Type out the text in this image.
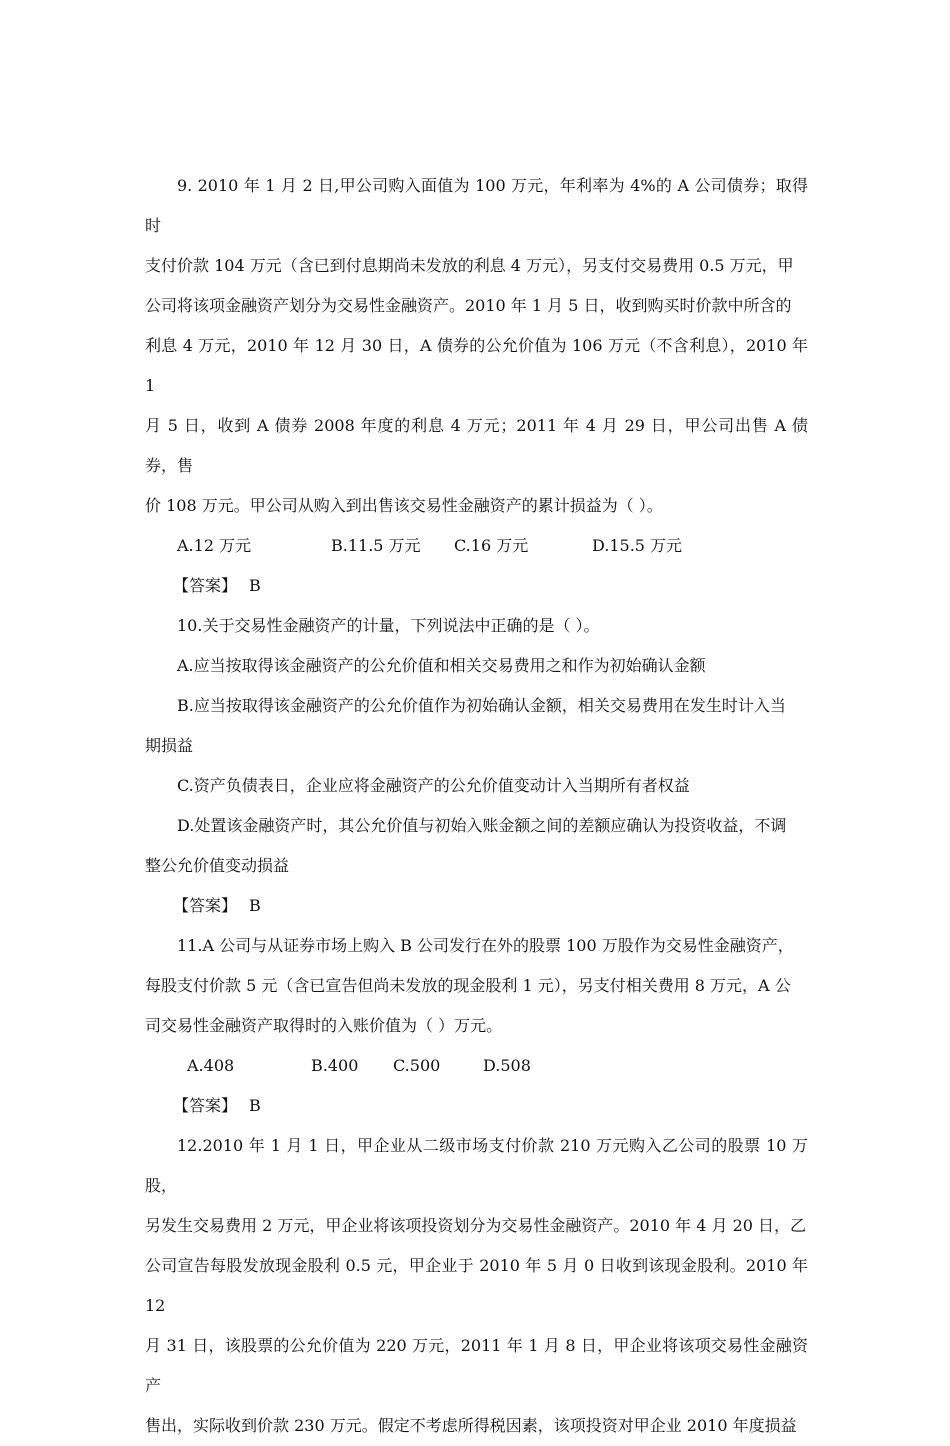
9. 2010 年 1 月 2 日,甲公司购入面值为 100 万元，年利率为 4%的 A 公司债券；取得时

支付价款 104 万元（含已到付息期尚未发放的利息 4 万元），另支付交易费用 0.5 万元，甲

公司将该项金融资产划分为交易性金融资产。2010 年 1 月 5 日，收到购买时价款中所含的

利息 4 万元，2010 年 12 月 30 日，A 债券的公允价值为 106 万元（不含利息），2010 年 1

月 5 日，收到 A 债券 2008 年度的利息 4 万元；2011 年 4 月 29 日，甲公司出售 A 债券，售

价 108 万元。甲公司从购入到出售该交易性金融资产的累计损益为（ ）。

A.12 万元	B.11.5 万元 C.16 万元	D.15.5 万元

【答案】 B

10.关于交易性金融资产的计量，下列说法中正确的是（ ）。

A.应当按取得该金融资产的公允价值和相关交易费用之和作为初始确认金额

B.应当按取得该金融资产的公允价值作为初始确认金额，相关交易费用在发生时计入当

期损益

C.资产负债表日，企业应将金融资产的公允价值变动计入当期所有者权益

D.处置该金融资产时，其公允价值与初始入账金额之间的差额应确认为投资收益，不调

整公允价值变动损益

【答案】 B

11.A 公司与从证券市场上购入 B 公司发行在外的股票 100 万股作为交易性金融资产，

每股支付价款 5 元（含已宣告但尚未发放的现金股利 1 元），另支付相关费用 8 万元，A 公

司交易性金融资产取得时的入账价值为（ ）万元。

A.408	B.400 C.500	D.508

【答案】 B

12.2010 年 1 月 1 日，甲企业从二级市场支付价款 210 万元购入乙公司的股票 10 万股，

另发生交易费用 2 万元，甲企业将该项投资划分为交易性金融资产。2010 年 4 月 20 日，乙

公司宣告每股发放现金股利 0.5 元，甲企业于 2010 年 5 月 0 日收到该现金股利。2010 年 12

月 31 日，该股票的公允价值为 220 万元，2011 年 1 月 8 日，甲企业将该项交易性金融资产

售出，实际收到价款 230 万元。假定不考虑所得税因素，该项投资对甲企业 2010 年度损益
